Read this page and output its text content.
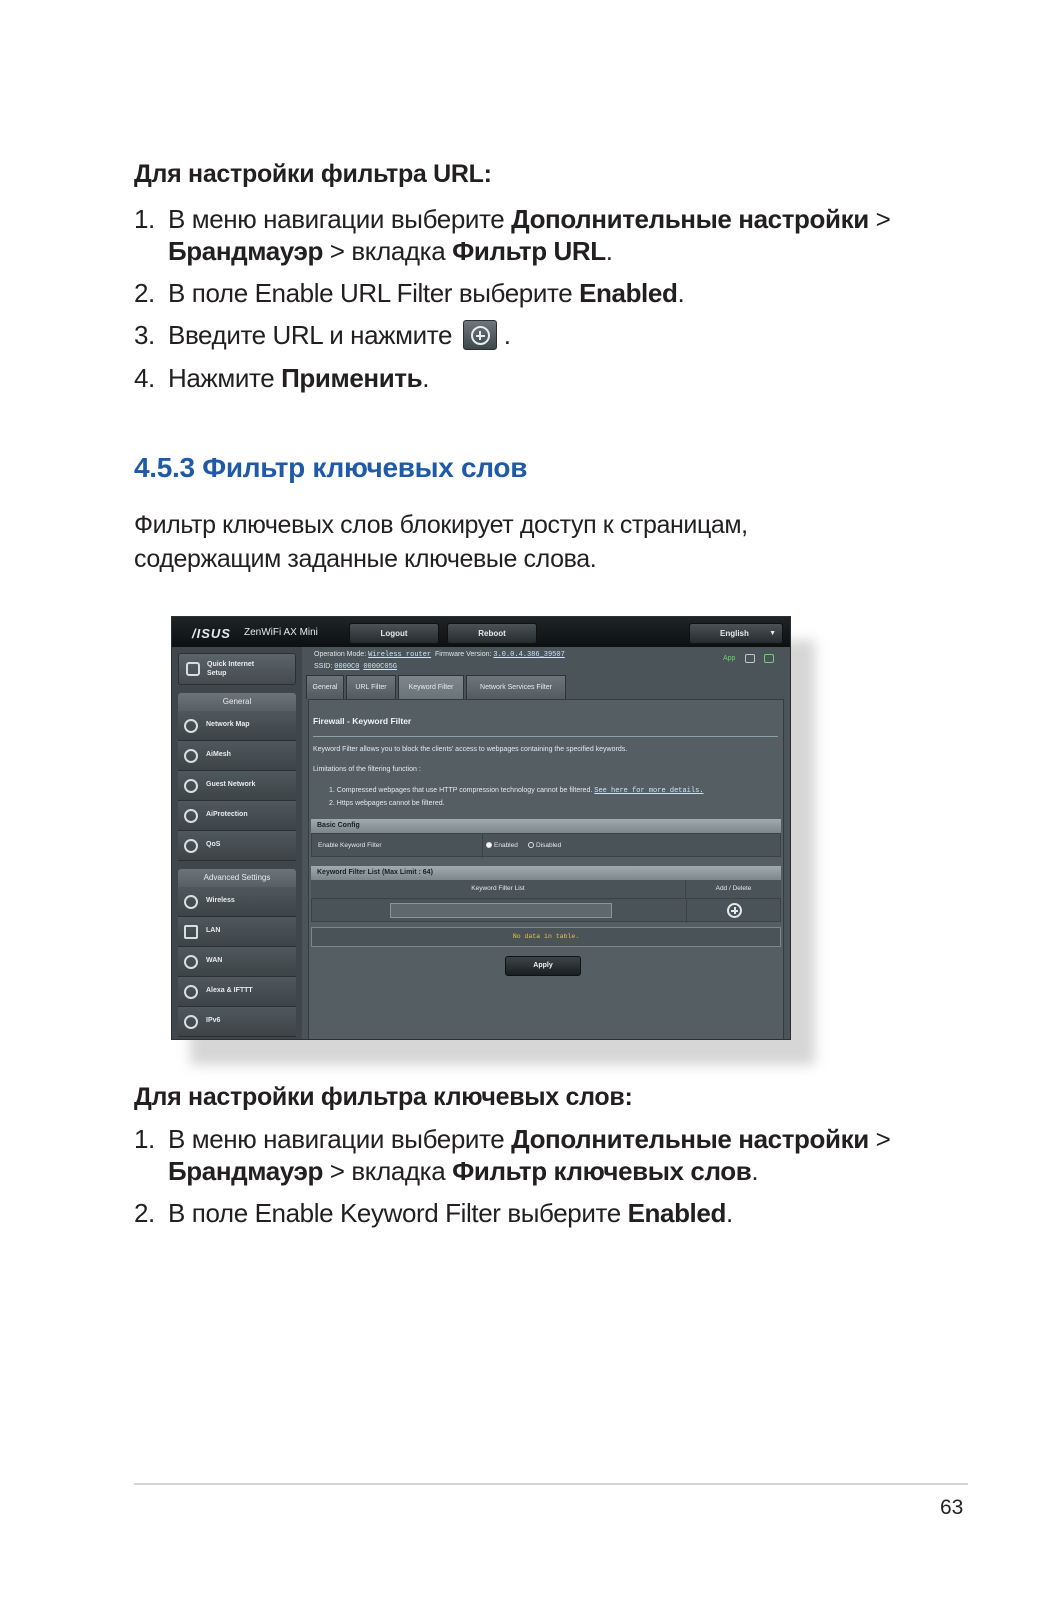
Для настройки фильтра URL:
1. В меню навигации выберите Дополнительные настройки >
Брандмауэр > вкладка Фильтр URL.
2. В поле Enable URL Filter выберите Enabled.
3. Введите URL и нажмите .
4. Нажмите Применить.
4.5.3 Фильтр ключевых слов
Фильтр ключевых слов блокирует доступ к страницам,
содержащим заданные ключевые слова.
/ISUS ZenWiFi AX Mini	Logout	Reboot	English	▼
Operation Mode: Wireless router Firmware Version: 3.0.0.4.386_39507
SSID: 0000C0 0000C05G
App
Quick Internet
Setup
General
Network Map
AiMesh
Guest Network
AiProtection
QoS
Advanced Settings
Wireless
LAN
WAN
Alexa & IFTTT
IPv6
General	URL Filter	Keyword Filter	Network Services Filter
Firewall - Keyword Filter
Keyword Filter allows you to block the clients' access to webpages containing the specified keywords.
Limitations of the filtering function :
1. Compressed webpages that use HTTP compression technology cannot be filtered. See here for more details.
2. Https webpages cannot be filtered.
Basic Config
Enable Keyword Filter	Enabled	Disabled
Keyword Filter List (Max Limit : 64)
Keyword Filter List	Add / Delete
No data in table.
Apply
Для настройки фильтра ключевых слов:
1. В меню навигации выберите Дополнительные настройки >
Брандмауэр > вкладка Фильтр ключевых слов.
2. В поле Enable Keyword Filter выберите Enabled.
63
